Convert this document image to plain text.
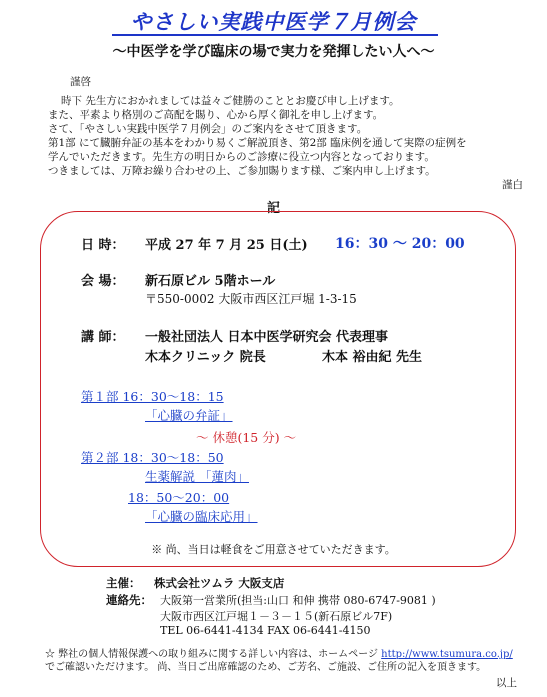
やさしい実践中医学７月例会
～中医学を学び臨床の場で実力を発揮したい人へ～
謹啓
時下 先生方におかれましては益々ご健勝のこととお慶び申し上げます。
また、平素より格別のご高配を賜り、心から厚く御礼を申し上げます。
さて、「やさしい実践中医学７月例会」のご案内をさせて頂きます。
第1部 にて臓腑弁証の基本をわかり易くご解説頂き、第2部 臨床例を通して実際の症例を
学んでいただきます。先生方の明日からのご診療に役立つ内容となっております。
つきましては、万障お繰り合わせの上、ご参加賜ります様、ご案内申し上げます。
謹白
記
日 時： 平成 27 年 7 月 25 日(土) 16：30 ～ 20：00
会 場： 新石原ビル 5階ホール
〒550-0002 大阪市西区江戸堀 1-3-15
講 師： 一般社団法人 日本中医学研究会 代表理事
木本クリニック 院長	木本 裕由紀 先生
第１部 16：30～18：15
「心臓の弁証」
～ 休憩(15 分) ～
第２部 18：30～18：50
生薬解説 「蓮肉」
18：50～20：00
「心臓の臨床応用」
※ 尚、当日は軽食をご用意させていただきます。
主催： 株式会社ツムラ 大阪支店
連絡先： 大阪第一営業所(担当:山口 和伸 携帯 080-6747-9081 )
大阪市西区江戸堀１－３－１５(新石原ビル7F)
TEL 06-6441-4134 FAX 06-6441-4150
☆ 弊社の個人情報保護への取り組みに関する詳しい内容は、ホームページ http://www.tsumura.co.jp/
でご確認いただけます。 尚、当日ご出席確認のため、ご芳名、ご施設、ご住所の記入を頂きます。
以上
